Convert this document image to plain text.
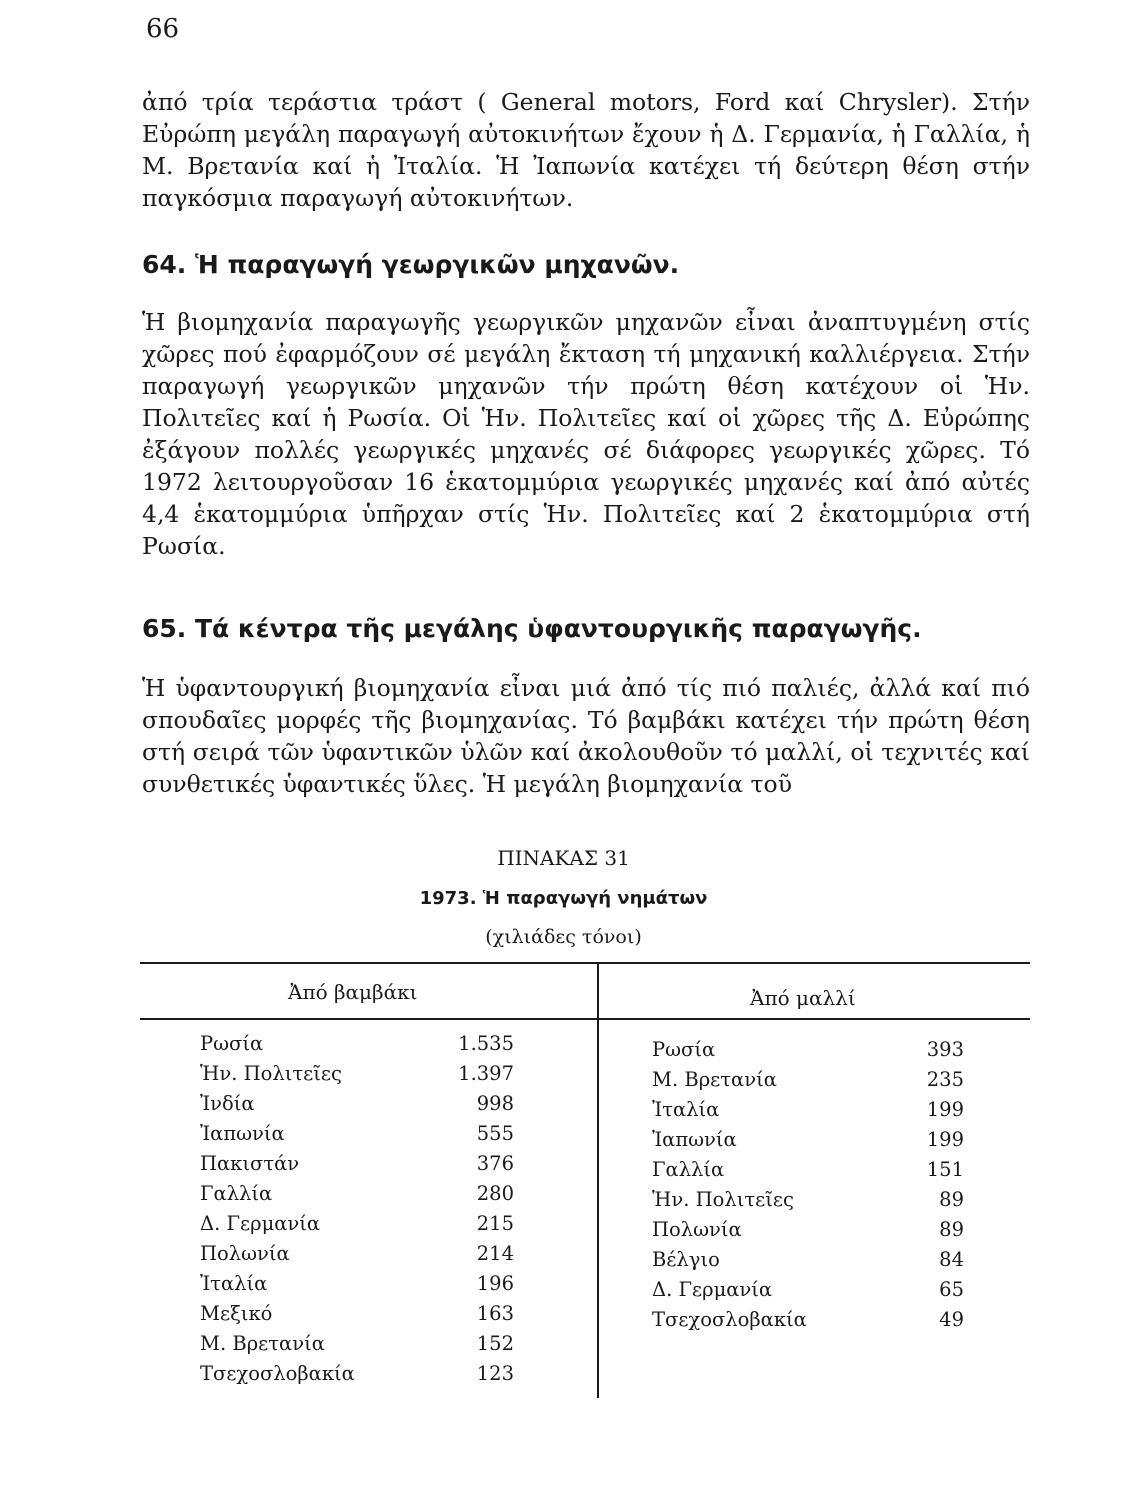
66

ἀπό τρία τεράστια τράστ ( General motors, Ford καί Chrysler). Στήν Εὐρώπη μεγάλη παραγωγή αὐτοκινήτων ἔχουν ἡ Δ. Γερμανία, ἡ Γαλλία, ἡ Μ. Βρετανία καί ἡ Ἰταλία. Ἡ Ἰαπωνία κατέχει τή δεύτερη θέση στήν παγκόσμια παραγωγή αὐτοκινήτων.

64. Ἡ παραγωγή γεωργικῶν μηχανῶν.

Ἡ βιομηχανία παραγωγῆς γεωργικῶν μηχανῶν εἶναι ἀναπτυγμένη στίς χῶρες πού ἐφαρμόζουν σέ μεγάλη ἔκταση τή μηχανική καλλιέργεια. Στήν παραγωγή γεωργικῶν μηχανῶν τήν πρώτη θέση κατέχουν οἱ Ἡν. Πολιτεῖες καί ἡ Ρωσία. Οἱ Ἡν. Πολιτεῖες καί οἱ χῶρες τῆς Δ. Εὐρώπης ἐξάγουν πολλές γεωργικές μηχανές σέ διάφορες γεωργικές χῶρες. Τό 1972 λειτουργοῦσαν 16 ἑκατομμύρια γεωργικές μηχανές καί ἀπό αὐτές 4,4 ἑκατομμύρια ὑπῆρχαν στίς Ἡν. Πολιτεῖες καί 2 ἑκατομμύρια στή Ρωσία.

65. Τά κέντρα τῆς μεγάλης ὑφαντουργικῆς παραγωγῆς.

Ἡ ὑφαντουργική βιομηχανία εἶναι μιά ἀπό τίς πιό παλιές, ἀλλά καί πιό σπουδαῖες μορφές τῆς βιομηχανίας. Τό βαμβάκι κατέχει τήν πρώτη θέση στή σειρά τῶν ὑφαντικῶν ὑλῶν καί ἀκολουθοῦν τό μαλλί, οἱ τεχνιτές καί συνθετικές ὑφαντικές ὕλες. Ἡ μεγάλη βιομηχανία τοῦ

ΠΙΝΑΚΑΣ 31
1973. Ἡ παραγωγή νημάτων
(χιλιάδες τόνοι)
Ἀπό βαμβάκι	Ἀπό μαλλί
Ρωσία	1.535
Ἡν. Πολιτεῖες	1.397
Ἰνδία	998
Ἰαπωνία	555
Πακιστάν	376
Γαλλία	280
Δ. Γερμανία	215
Πολωνία	214
Ἰταλία	196
Μεξικό	163
Μ. Βρετανία	152
Τσεχοσλοβακία	123
Ρωσία	393
Μ. Βρετανία	235
Ἰταλία	199
Ἰαπωνία	199
Γαλλία	151
Ἡν. Πολιτεῖες	89
Πολωνία	89
Βέλγιο	84
Δ. Γερμανία	65
Τσεχοσλοβακία	49
